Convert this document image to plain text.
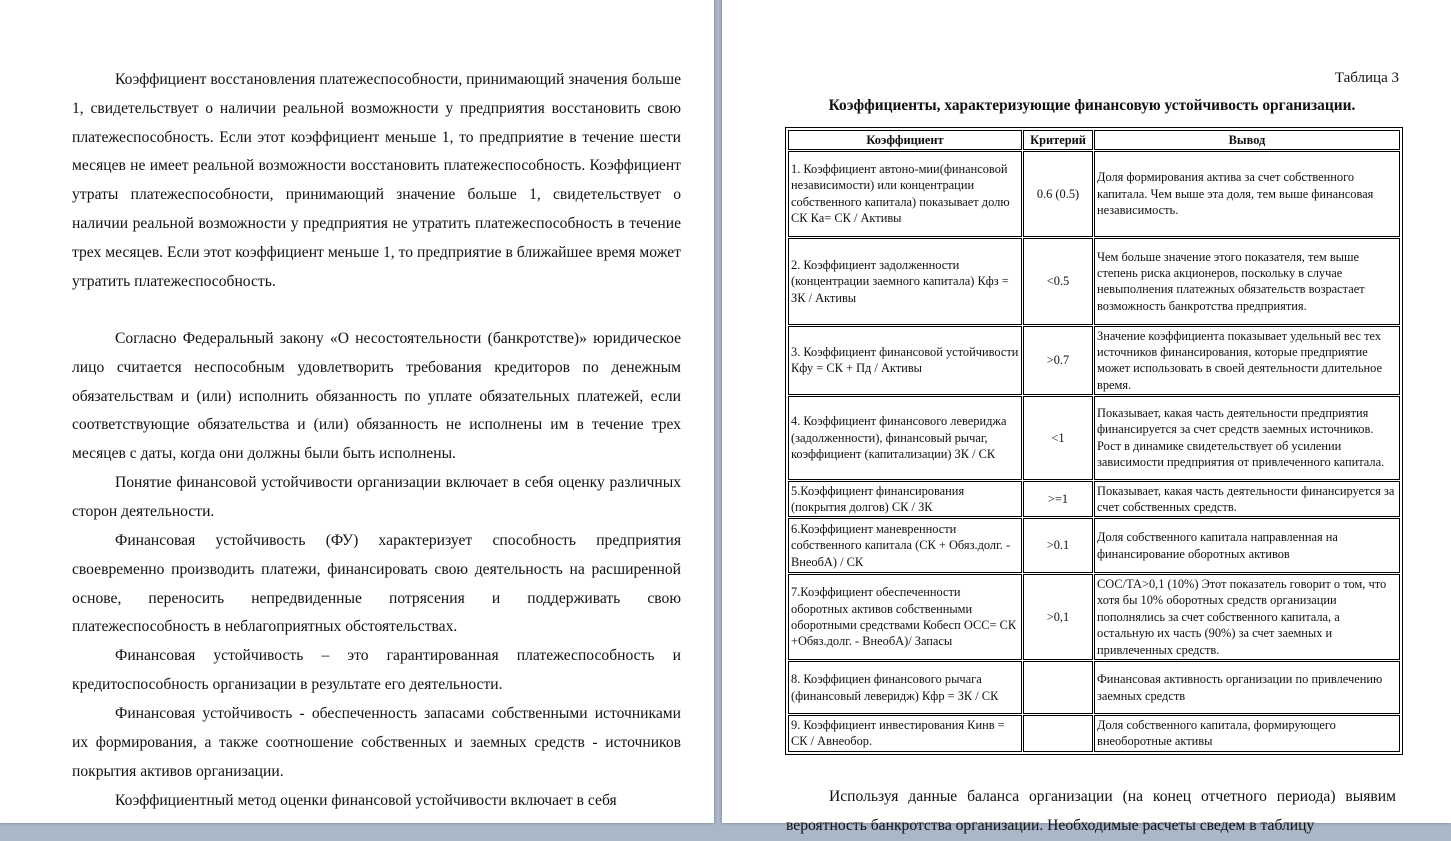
Коэффициент восстановления платежеспособности, принимающий значения больше 1, свидетельствует о наличии реальной возможности у предприятия восстановить свою платежеспособность. Если этот коэффициент меньше 1, то предприятие в течение шести месяцев не имеет реальной возможности восстановить платежеспособность. Коэффициент утраты платежеспособности, принимающий значение больше 1, свидетельствует о наличии реальной возможности у предприятия не утратить платежеспособность в течение трех месяцев. Если этот коэффициент меньше 1, то предприятие в ближайшее время может утратить платежеспособность.

Согласно Федеральный закону «О несостоятельности (банкротстве)» юридическое лицо считается неспособным удовлетворить требования кредиторов по денежным обязательствам и (или) исполнить обязанность по уплате обязательных платежей, если соответствующие обязательства и (или) обязанность не исполнены им в течение трех месяцев с даты, когда они должны были быть исполнены.

Понятие финансовой устойчивости организации включает в себя оценку различных сторон деятельности.

Финансовая устойчивость (ФУ) характеризует способность предприятия своевременно производить платежи, финансировать свою деятельность на расширенной основе, переносить непредвиденные потрясения и поддерживать свою платежеспособность в неблагоприятных обстоятельствах.

Финансовая устойчивость – это гарантированная платежеспособность и кредитоспособность организации в результате его деятельности.

Финансовая устойчивость - обеспеченность запасами собственными источниками их формирования, а также соотношение собственных и заемных средств - источников покрытия активов организации.

Коэффициентный метод оценки финансовой устойчивости включает в себя

Таблица 3
Коэффициенты, характеризующие финансовую устойчивость организации.
Коэффициент	Критерий	Вывод
1. Коэффициент автоно-мии(финансовой независимости) или концентрации собственного капитала) показывает долю СК Ка= СК / Активы	0.6 (0.5)	Доля формирования актива за счет собственного капитала. Чем выше эта доля, тем выше финансовая независимость.
2. Коэффициент задолженности (концентрации заемного капитала) Кфз = ЗК / Активы	<0.5	Чем больше значение этого показателя, тем выше степень риска акционеров, поскольку в случае невыполнения платежных обязательств возрастает возможность банкротства предприятия.
3. Коэффициент финансовой устойчивости Кфу = СК + Пд / Активы	>0.7	Значение коэффициента показывает удельный вес тех источников финансирования, которые предприятие может использовать в своей деятельности длительное время.
4. Коэффициент финансового левериджа (задолженности), финансовый рычаг, коэффициент (капитализации) ЗК / СК	<1	Показывает, какая часть деятельности предприятия финансируется за счет средств заемных источников. Рост в динамике свидетельствует об усилении зависимости предприятия от привлеченного капитала.
5.Коэффициент финансирования (покрытия долгов) СК / ЗК	>=1	Показывает, какая часть деятельности финансируется за счет собственных средств.
6.Коэффициент маневренности собственного капитала (СК + Обяз.долг. - ВнеобА) / СК	>0.1	Доля собственного капитала направленная на финансирование оборотных активов
7.Коэффициент обеспеченности оборотных активов собственными оборотными средствами Кобесп ОСС= СК +Обяз.долг. - ВнеобА)/ Запасы	>0,1	СОС/ТА>0,1 (10%) Этот показатель говорит о том, что хотя бы 10% оборотных средств организации пополнялись за счет собственного капитала, а остальную их часть (90%) за счет заемных и привлеченных средств.
8. Коэффициен финансового рычага (финансовый левеҏидж) Кфр = ЗК / СК		Финансовая активность организации по привлечению заемных средств
9. Коэффициент инвестирования Кинв = СК / Авнеобор.		Доля собственного капитала, формирующего внеоборотные активы

Используя данные баланса организации (на конец отчетного периода) выявим вероятность банкротства организации. Необходимые расчеты сведем в таблицу
